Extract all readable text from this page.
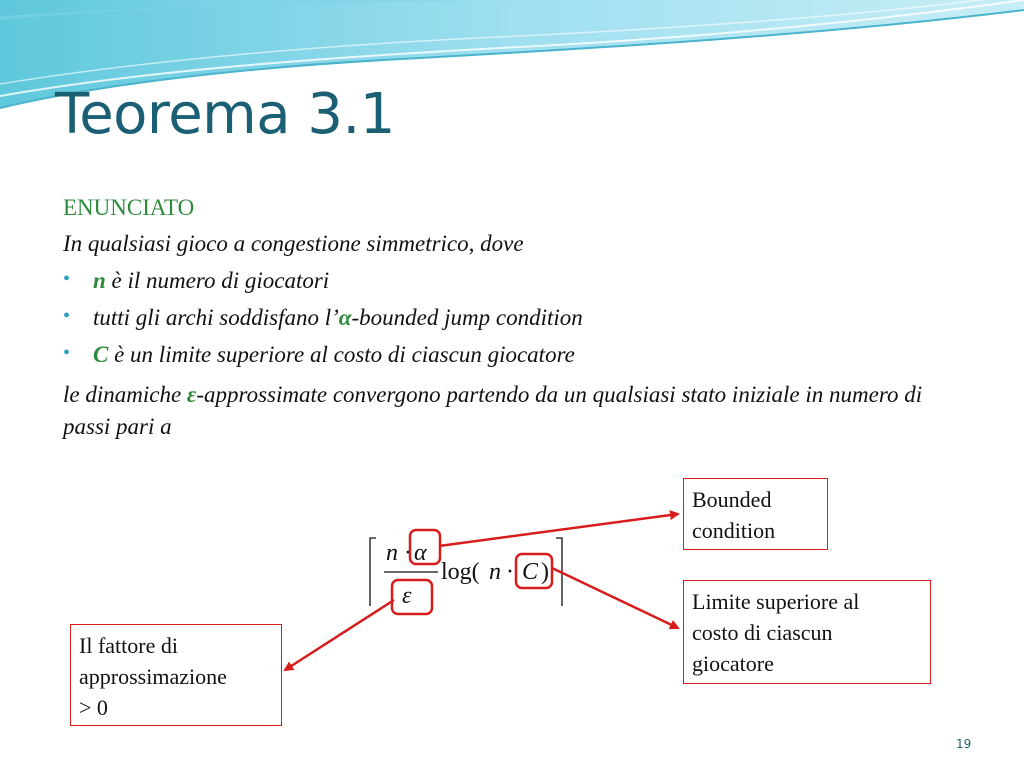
Teorema 3.1
ENUNCIATO
In qualsiasi gioco a congestione simmetrico, dove
• n è il numero di giocatori
• tutti gli archi soddisfano l’α-bounded jump condition
• C è un limite superiore al costo di ciascun giocatore
le dinamiche ε-approssimate convergono partendo da un qualsiasi stato iniziale in numero di passi pari a
n · α
ε
log( n · C )
Bounded
condition
Limite superiore al
costo di ciascun
giocatore
Il fattore di
approssimazione
> 0
19
